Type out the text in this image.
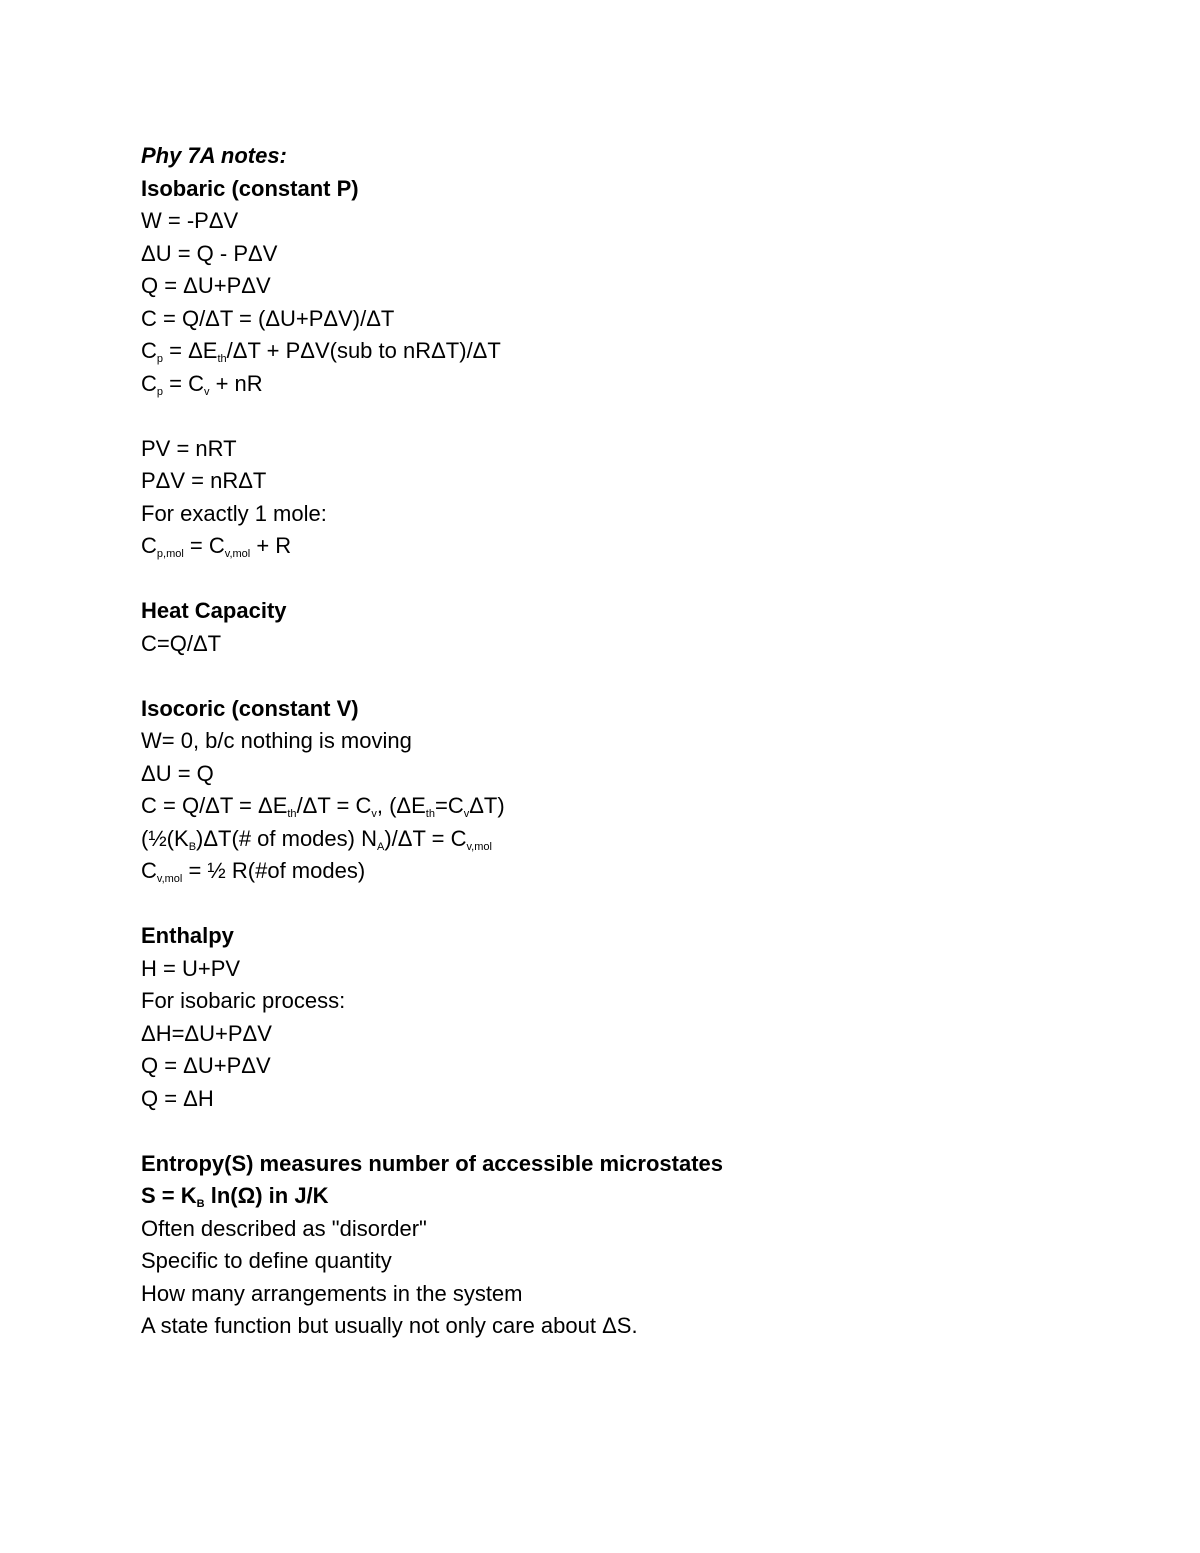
Phy 7A notes:
Isobaric (constant P)
W = -PΔV
ΔU = Q - PΔV
Q = ΔU+PΔV
C = Q/ΔT = (ΔU+PΔV)/ΔT
$C_p = \Delta E_{th}/\Delta T + P\Delta V(sub$ to nRΔT)/ΔT
$C_p = C_v$ + nR
PV = nRT
PΔV = nRΔT
For exactly 1 mole:
$C_{p,mol} = C_{v,mol} + R$
Heat Capacity
C=Q/ΔT
Isocoric (constant V)
W= 0, b/c nothing is moving
ΔU = Q
$C = Q/\Delta T = \Delta E_{th}/\Delta T = C_v$, $(\Delta E_{th}=C_v\Delta T)$
($\frac{1}{2}(K_B)\Delta T(\#$ of modes) $N_A)/\Delta T = C_{v,mol}$
$C_{v,mol}$ = ½ R(#of modes)
Enthalpy
H = U+PV
For isobaric process:
ΔH=ΔU+PΔV
Q = ΔU+PΔV
Q = ΔH
Entropy(S) measures number of accessible microstates
$S = K_B$ ln(Ω) in J/K
Often described as "disorder"
Specific to define quantity
How many arrangements in the system
A state function but usually not only care about ΔS.
